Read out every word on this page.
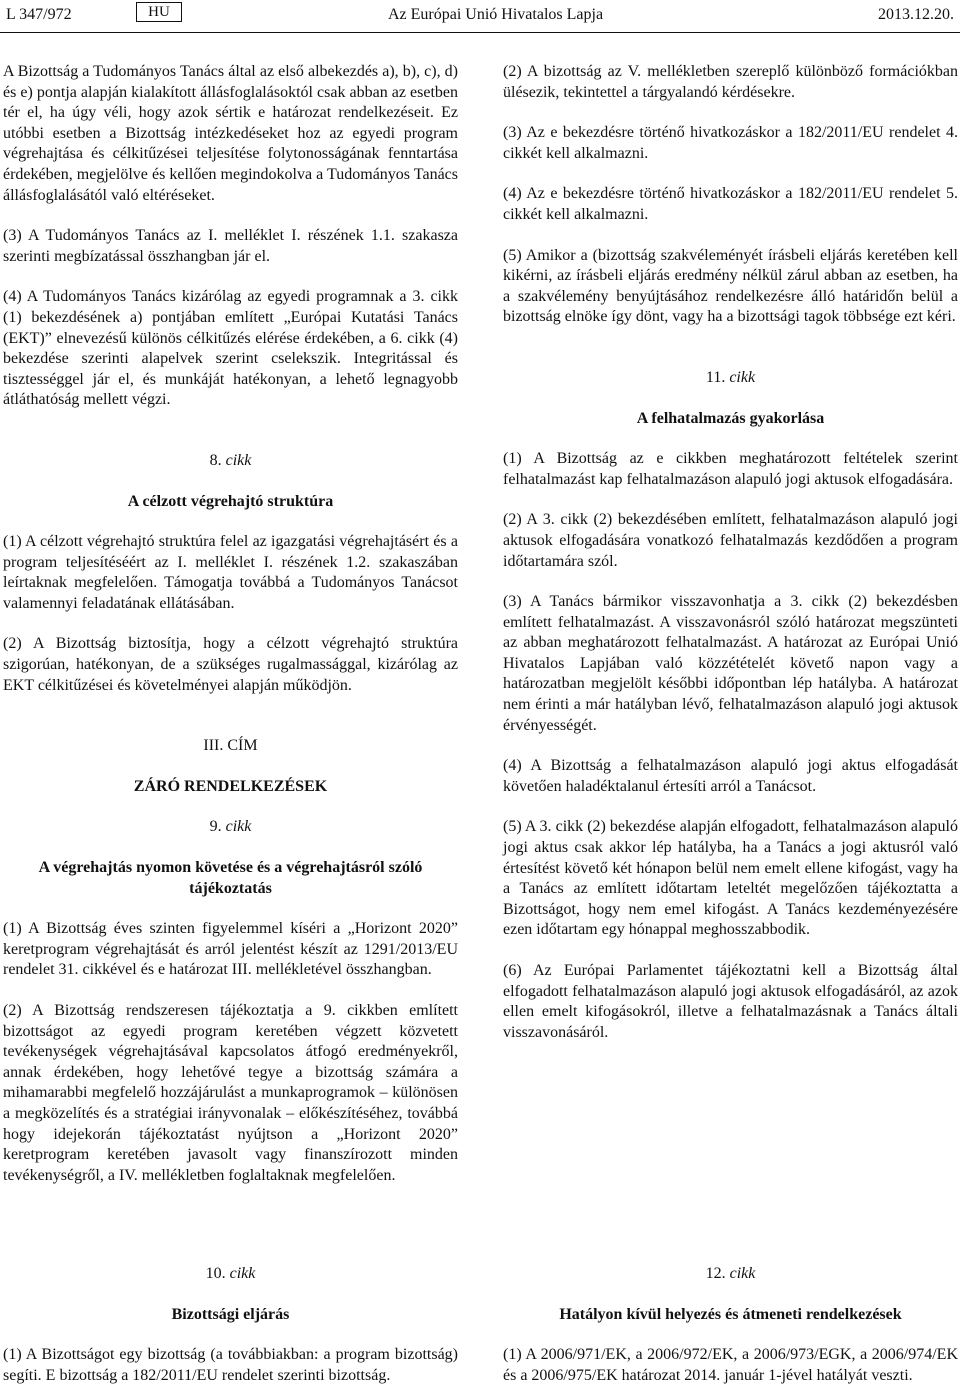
L 347/972	HU	Az Európai Unió Hivatalos Lapja	2013.12.20.

A Bizottság a Tudományos Tanács által az első albekezdés a), b), c), d) és e) pontja alapján kialakított állásfoglalásoktól csak abban az esetben tér el, ha úgy véli, hogy azok sértik e határozat rendelkezéseit. Ez utóbbi esetben a Bizottság intézkedéseket hoz az egyedi program végrehajtása és célkitűzései teljesítése folytonosságának fenntartása érdekében, megjelölve és kellően megindokolva a Tudományos Tanács állásfoglalásától való eltéréseket.

(3) A Tudományos Tanács az I. melléklet I. részének 1.1. szakasza szerinti megbízatással összhangban jár el.

(4) A Tudományos Tanács kizárólag az egyedi programnak a 3. cikk (1) bekezdésének a) pontjában említett „Európai Kutatási Tanács (EKT)” elnevezésű különös célkitűzés elérése érdekében, a 6. cikk (4) bekezdése szerinti alapelvek szerint cselekszik. Integritással és tisztességgel jár el, és munkáját hatékonyan, a lehető legnagyobb átláthatóság mellett végzi.

8. cikk

A célzott végrehajtó struktúra

(1) A célzott végrehajtó struktúra felel az igazgatási végrehajtásért és a program teljesítéséért az I. melléklet I. részének 1.2. szakaszában leírtaknak megfelelően. Támogatja továbbá a Tudományos Tanácsot valamennyi feladatának ellátásában.

(2) A Bizottság biztosítja, hogy a célzott végrehajtó struktúra szigorúan, hatékonyan, de a szükséges rugalmassággal, kizárólag az EKT célkitűzései és követelményei alapján működjön.

III. CÍM

ZÁRÓ RENDELKEZÉSEK

9. cikk

A végrehajtás nyomon követése és a végrehajtásról szóló tájékoztatás

(1) A Bizottság éves szinten figyelemmel kíséri a „Horizont 2020” keretprogram végrehajtását és arról jelentést készít az 1291/2013/EU rendelet 31. cikkével és e határozat III. mellékletével összhangban.

(2) A Bizottság rendszeresen tájékoztatja a 9. cikkben említett bizottságot az egyedi program keretében végzett közvetett tevékenységek végrehajtásával kapcsolatos átfogó eredményekről, annak érdekében, hogy lehetővé tegye a bizottság számára a mihamarabbi megfelelő hozzájárulást a munkaprogramok – különösen a megközelítés és a stratégiai irányvonalak – előkészítéséhez, továbbá hogy idejekorán tájékoztatást nyújtson a „Horizont 2020” keretprogram keretében javasolt vagy finanszírozott minden tevékenységről, a IV. mellékletben foglaltaknak megfelelően.

(2) A bizottság az V. mellékletben szereplő különböző formációkban ülésezik, tekintettel a tárgyalandó kérdésekre.

(3) Az e bekezdésre történő hivatkozáskor a 182/2011/EU rendelet 4. cikkét kell alkalmazni.

(4) Az e bekezdésre történő hivatkozáskor a 182/2011/EU rendelet 5. cikkét kell alkalmazni.

(5) Amikor a (bizottság szakvéleményét írásbeli eljárás keretében kell kikérni, az írásbeli eljárás eredmény nélkül zárul abban az esetben, ha a szakvélemény benyújtásához rendelkezésre álló határidőn belül a bizottság elnöke így dönt, vagy ha a bizottsági tagok többsége ezt kéri.

11. cikk

A felhatalmazás gyakorlása

(1) A Bizottság az e cikkben meghatározott feltételek szerint felhatalmazást kap felhatalmazáson alapuló jogi aktusok elfogadására.

(2) A 3. cikk (2) bekezdésében említett, felhatalmazáson alapuló jogi aktusok elfogadására vonatkozó felhatalmazás kezdődően a program időtartamára szól.

(3) A Tanács bármikor visszavonhatja a 3. cikk (2) bekezdésben említett felhatalmazást. A visszavonásról szóló határozat megszünteti az abban meghatározott felhatalmazást. A határozat az Európai Unió Hivatalos Lapjában való közzétételét követő napon vagy a határozatban megjelölt későbbi időpontban lép hatályba. A határozat nem érinti a már hatályban lévő, felhatalmazáson alapuló jogi aktusok érvényességét.

(4) A Bizottság a felhatalmazáson alapuló jogi aktus elfogadását követően haladéktalanul értesíti arról a Tanácsot.

(5) A 3. cikk (2) bekezdése alapján elfogadott, felhatalmazáson alapuló jogi aktus csak akkor lép hatályba, ha a Tanács a jogi aktusról való értesítést követő két hónapon belül nem emelt ellene kifogást, vagy ha a Tanács az említett időtartam leteltét megelőzően tájékoztatta a Bizottságot, hogy nem emel kifogást. A Tanács kezdeményezésére ezen időtartam egy hónappal meghosszabbodik.

(6) Az Európai Parlamentet tájékoztatni kell a Bizottság által elfogadott felhatalmazáson alapuló jogi aktusok elfogadásáról, az azok ellen emelt kifogásokról, illetve a felhatalmazásnak a Tanács általi visszavonásáról.

10. cikk

Bizottsági eljárás

(1) A Bizottságot egy bizottság (a továbbiakban: a program bizottság) segíti. E bizottság a 182/2011/EU rendelet szerinti bizottság.

12. cikk

Hatályon kívül helyezés és átmeneti rendelkezések

(1) A 2006/971/EK, a 2006/972/EK, a 2006/973/EGK, a 2006/974/EK és a 2006/975/EK határozat 2014. január 1-jével hatályát veszti.
